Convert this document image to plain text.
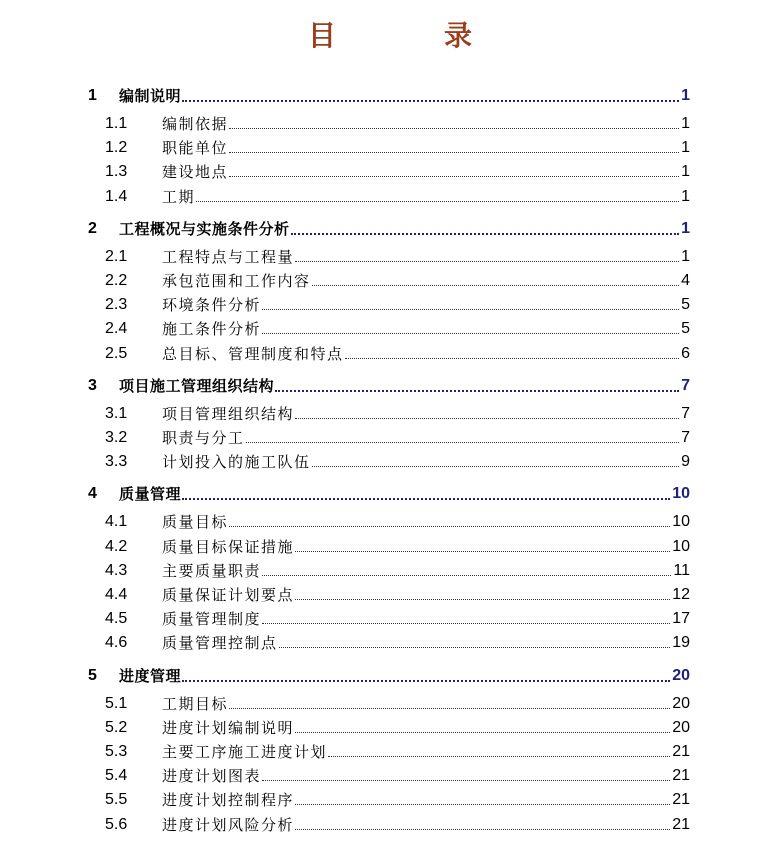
目　录
1 编制说明	1
1.1 编制依据	1
1.2 职能单位	1
1.3 建设地点	1
1.4 工期	1
2 工程概况与实施条件分析	1
2.1 工程特点与工程量	1
2.2 承包范围和工作内容	4
2.3 环境条件分析	5
2.4 施工条件分析	5
2.5 总目标、管理制度和特点	6
3 项目施工管理组织结构	7
3.1 项目管理组织结构	7
3.2 职责与分工	7
3.3 计划投入的施工队伍	9
4 质量管理	10
4.1 质量目标	10
4.2 质量目标保证措施	10
4.3 主要质量职责	11
4.4 质量保证计划要点	12
4.5 质量管理制度	17
4.6 质量管理控制点	19
5 进度管理	20
5.1 工期目标	20
5.2 进度计划编制说明	20
5.3 主要工序施工进度计划	21
5.4 进度计划图表	21
5.5 进度计划控制程序	21
5.6 进度计划风险分析	21
